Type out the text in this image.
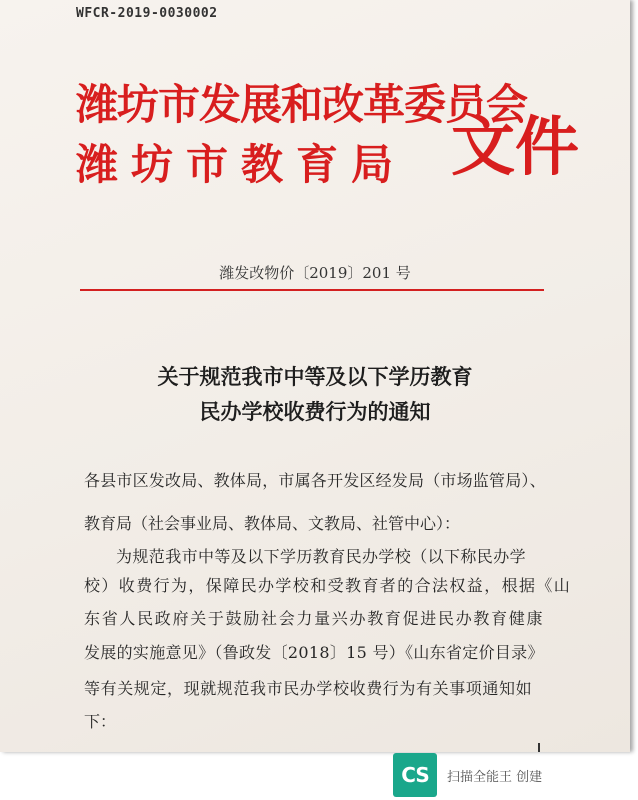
WFCR-2019-0030002
潍坊市发展和改革委员会
潍坊市教育局 文件
潍发改物价〔2019〕201 号
关于规范我市中等及以下学历教育
民办学校收费行为的通知

各县市区发改局、教体局，市属各开发区经发局（市场监管局）、

教育局（社会事业局、教体局、文教局、社管中心）：

为规范我市中等及以下学历教育民办学校（以下称民办学

校）收费行为，保障民办学校和受教育者的合法权益，根据《山

东省人民政府关于鼓励社会力量兴办教育促进民办教育健康

发展的实施意见》（鲁政发〔2018〕15 号）《山东省定价目录》

等有关规定，现就规范我市民办学校收费行为有关事项通知如

下：

CS	扫描全能王 创建
